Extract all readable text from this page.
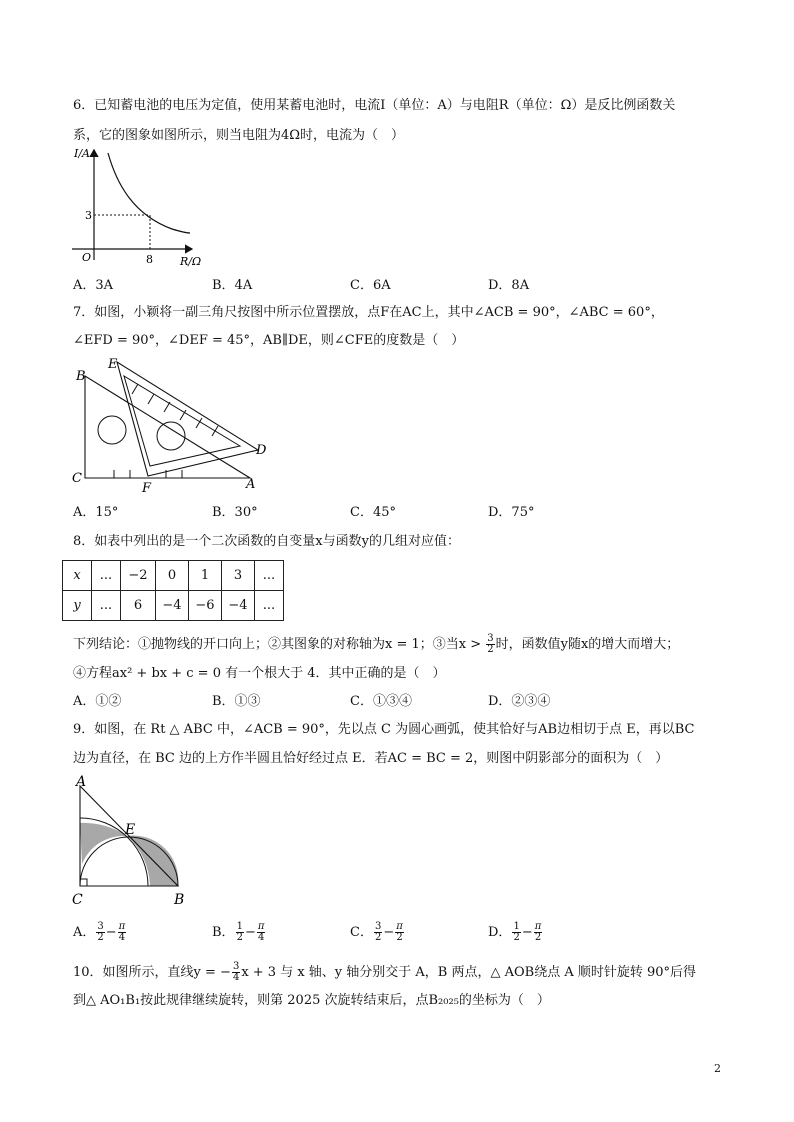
6．已知蓄电池的电压为定值，使用某蓄电池时，电流I（单位：A）与电阻R（单位：Ω）是反比例函数关
系，它的图象如图所示，则当电阻为4Ω时，电流为（　）
I/A
R/Ω
O
3
8
A．3A	B．4A	C．6A	D．8A
7．如图，小颖将一副三角尺按图中所示位置摆放，点F在AC上，其中∠ACB = 90°，∠ABC = 60°，
∠EFD = 90°，∠DEF = 45°，AB∥DE，则∠CFE的度数是（　）
B
E
D
C
F	A
A．15°	B．30°	C．45°	D．75°
8．如表中列出的是一个二次函数的自变量x与函数y的几组对应值：
x	...	−2	0	1	3	...
y	...	6	−4	−6	−4	...
下列结论：①抛物线的开口向上；②其图象的对称轴为x = 1；③当$x > \frac{3}{2}$ 时，函数值y随x的增大而增大；
④方程ax² + bx + c = 0 有一个根大于 4．其中正确的是（　）
A．①②	B．①③	C．①③④	D．②③④
9．如图，在 Rt △ ABC 中，∠ACB = 90°，先以点 C 为圆心画弧，使其恰好与AB边相切于点 E，再以BC
边为直径，在 BC 边的上方作半圆且恰好经过点 E．若AC = BC = 2，则图中阴影部分的面积为（　）
A
E
C	B
A． $\frac{3}{2} - \frac{\pi}{4}$	B． $\frac{1}{2} - \frac{\pi}{4}$	C． $\frac{3}{2} - \frac{\pi}{2}$	D． $\frac{1}{2} - \frac{\pi}{2}$
10．如图所示，直线y = − $\frac{3}{4}$ x + 3 与 x 轴、y 轴分别交于 A，B 两点，△ AOB绕点 A 顺时针旋转 90°后得
到△ AO₁B₁按此规律继续旋转，则第 2025 次旋转结束后，点B₂₀₂₅的坐标为（　）
2
